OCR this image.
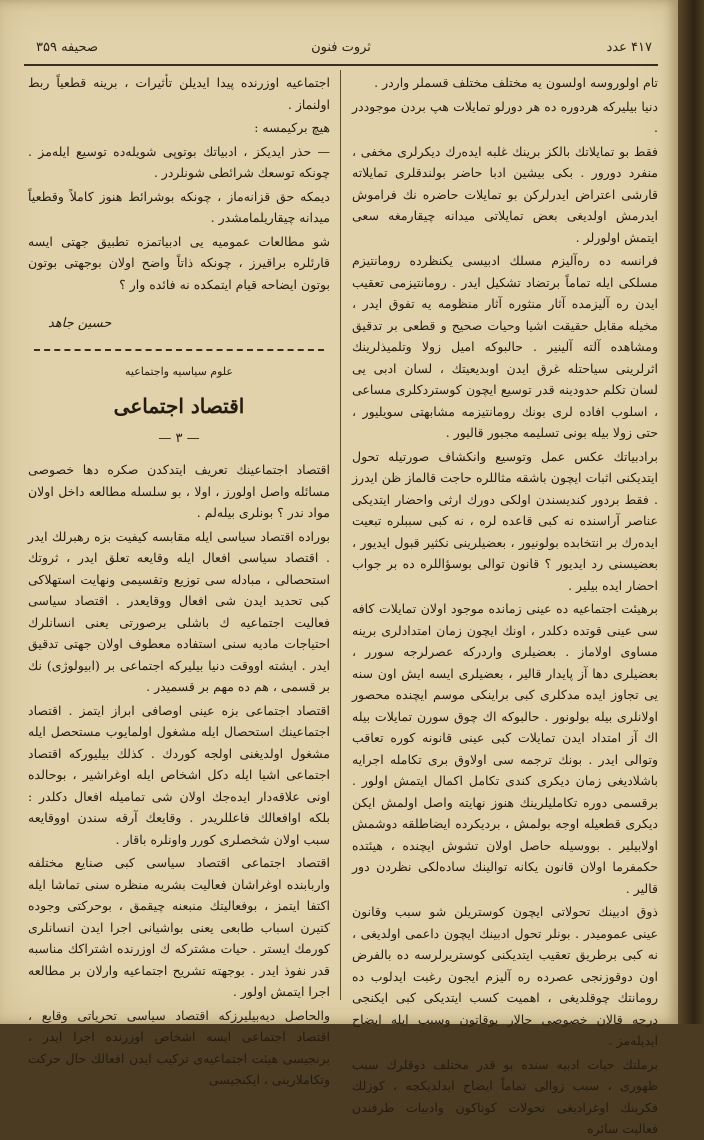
۴۱۷ عدد
ثروت فنون
صحیفه ۳۵۹

تام اولوروسه اولسون یه مختلف مختلف قسملر واردر .

دنیا بیلیرکه هردوره ده هر دورلو تمایلات هپ بردن موجوددر .

فقط بو تمایلاتك بالکز برینك غلبه ایدەرك دیکرلری مخفی ، منفرد دورور . بکی بیشین ادبا حاضر بولندقلری تمایلاته قارشی اعتراض ایدرلرکن بو تمایلات حاضره نك فراموش ایدرمش اولدیغی بعض تمایلاتی میدانه چیقارمغه سعی ایتمش اولورلر .

فرانسه ده رەآلیزم مسلك ادبیسی یکنظرده رومانتیزم مسلکی ایله تماماً برتضاد تشکیل ایدر . رومانتیزمی تعقیب ایدن ره آلیزمده آثار منثوره آثار منظومه یه تفوق ایدر ، مخیله مقابل حقیقت اشیا وحیات صحیح و قطعی بر تدقیق ومشاهده آلته آلینیر . حالبوکه امیل زولا وتلمیذلرینك اثرلرینی سیاحتله غرق ایدن اوبدیعیتك ، لسان ادبی یی لسان تکلم حدودینه قدر توسیع ایچون کوستردکلری مساعی ، اسلوب افاده لری بونك رومانتیزمه مشابهتی سویلیور ، حتی زولا بیله بونی تسلیمه مجبور قالیور .

برادبیاتك عکس عمل وتوسیع وانکشاف صورتیله تحول ایتدیکنی اثبات ایچون باشقه مثاللره حاجت قالماز ظن ایدرز . فقط بردور کندیسندن اولکی دورك ارثی واحضار ایتدیکی عناصر آراسنده نه کبی قاعده لره ، نه کبی سببلره تبعیت ایدەرك بر انتخابده بولونیور ، بعضیلرینی نکثیر قبول ایدیور ، بعضیسنی رد ایدیور ؟ قانون توالی بوسؤاللره ده بر جواب احضار ایده بیلیر .

برهیئت اجتماعیه ده عینی زمانده موجود اولان تمایلات کافه سی عینی قوتده دکلدر ، اونك ایچون زمان امتدادلری برینه مساوی اولاماز . بعضیلری واردرکه عصرلرجه سورر ، بعضیلری دها آز پایدار قالیر ، بعضیلری ایسه ایش اون سنه یی تجاوز ایده مدکلری کبی براینکی موسم ایچنده محصور اولانلری بیله بولونور . حالبوکه اك چوق سورن تمایلات بیله اك آز امتداد ایدن تمایلات کبی عینی قانونه کوره تعاقب وتوالی ایدر . بونك ترجمه سی اولاوق بری تکامله اجرایه باشلادیغی زمان دیکری کندی تکامل اکمال ایتمش اولور . برقسمی دوره تکاملیلرینك هنوز نهایته واصل اولمش ایکن دیکری قطعیله اوجه بولمش ، بردیکرده ایضاطلقه دوشمش اولابیلیر . بووسیله حاصل اولان تشوش ایچنده ، هیئتده حکمفرما اولان قانون یکانه توالینك سادەلکی نظردن دور قالیر .

ذوق ادبینك تحولاتی ایچون کوستریلن شو سبب وقانون عینی عمومیدر . بونلر تحول ادبینك ایچون داعمی اولدیغی ، نه کبی برطریق تعقیب ایتدیکنی کوستریرلرسه ده بالفرض اون دوقوزنجی عصرده ره آلیزم ایجون رغبت ایدلوب ده رومانتك چوقلدیغی ، اهمیت کسب ایتدیکی کبی ایکنجی درجه قالان خصوصی حالار یوقاتون وسبب ایله ایضاح ایدیلەمز .

برملتك حیات ادبیه سنده بو قدر مختلف ذوقلرك سبب ظهوری ، سبب زوالی تماماً ایضاح ایدلدیکچه ، کوزلك فکرینك اوغرادیغی تحولات کوناکون وادبیات طرفندن فعالیت سائره

اجتماعیه اوزرنده پیدا ایدیلن تأثیرات ، برینه قطعیاً ربط اولنماز .

هیچ برکیمسه :

— حذر ایدیکز ، ادبیاتك بوتوپی شویله‌ده توسیع ایلەمز . چونکه توسعك شرائطی شونلردر .

دیمکه حق قزانەماز ، چونکه بوشرائط هنوز کاملاً وقطعیاً میدانه چیقاریلمامشدر .

شو مطالعات عمومیه یی ادبیاتمزه تطبیق جهتی ایسه قارئلره براقیرز ، چونکه ذاتاً واضح اولان بوجهتی بوتون بوتون ایضاحه قیام ایتمکده نه فائده وار ؟

حسین جاهد
علوم سیاسیه واجتماعیه
اقتصاد اجتماعی
— ٣ —

اقتصاد اجتماعینك تعریف ایتدکدن صکره دها خصوصی مسائله واصل اولورز ، اولا ، بو سلسله مطالعه داخل اولان مواد ندر ؟ بونلری بیلەلم .

بوراده اقتصاد سیاسی ایله مقابسه کیفیت بزه رهبرلك ایدر . اقتصاد سیاسی افعال ایله وقایعه تعلق ایدر ، ثروتك استحصالی ، مبادله سی توزیع وتقسیمی ونهایت استهلاکی کبی تحدید ایدن شی افعال ووقایعدر . اقتصاد سیاسی فعالیت اجتماعیه ك باشلی برصورتی یعنی انسانلرك احتیاجات مادیه سنی استفاده معطوف اولان جهتی تدقیق ایدر . ایشته اووقت دنیا بیلیرکه اجتماعی بر (ابیولوژی) نك بر قسمی ، هم ده مهم بر قسمیدر .

اقتصاد اجتماعی بزه عینی اوصافی ابراز ایتمز . اقتصاد اجتماعینك استحصال ایله مشغول اولمایوب مستحصل ایله مشغول اولدیغنی اولجه کوردك . کذلك بیلیورکه اقتصاد اجتماعی اشیا ایله دکل اشخاص ایله اوغراشیر ، بوحالده اونی علاقه‌دار ایدەجك اولان شی تمامیله افعال دکلدر : بلکه اوافعالك فاعللریدر . وقایعك آرقه سندن اووقایعه سبب اولان شخصلری کورر واونلره باقار .

اقتصاد اجتماعی اقتصاد سیاسی کبی صنایع مختلفه واربابنده اوغراشان فعالیت بشریه منظره سنی تماشا ایله اکتفا ایتمز ، بوفعالیتك منبعنه چیقمق ، بوحرکتی وجوده کتیرن اسباب طابعی یعنی بواشیانی اجرا ایدن انسانلری کورمك ایستر . حیات مشترکه ك اوزرنده اشتراکك مناسبه قدر نفوذ ایدر . بوجهته تشریح اجتماعیه وارلان بر مطالعه اجرا ایتمش اولور .

والحاصل دیەبیلیرزکه اقتصاد سیاسی تحریاتی وقایع ، اقتصاد اجتماعی ایسه اشخاص اوزرنده اجرا ایدر ، برنجیسی هیئت اجتماعیه‌ی ترکیب ایدن افعالك حال حرکت وتکاملارینی ، ایکنجیسی
